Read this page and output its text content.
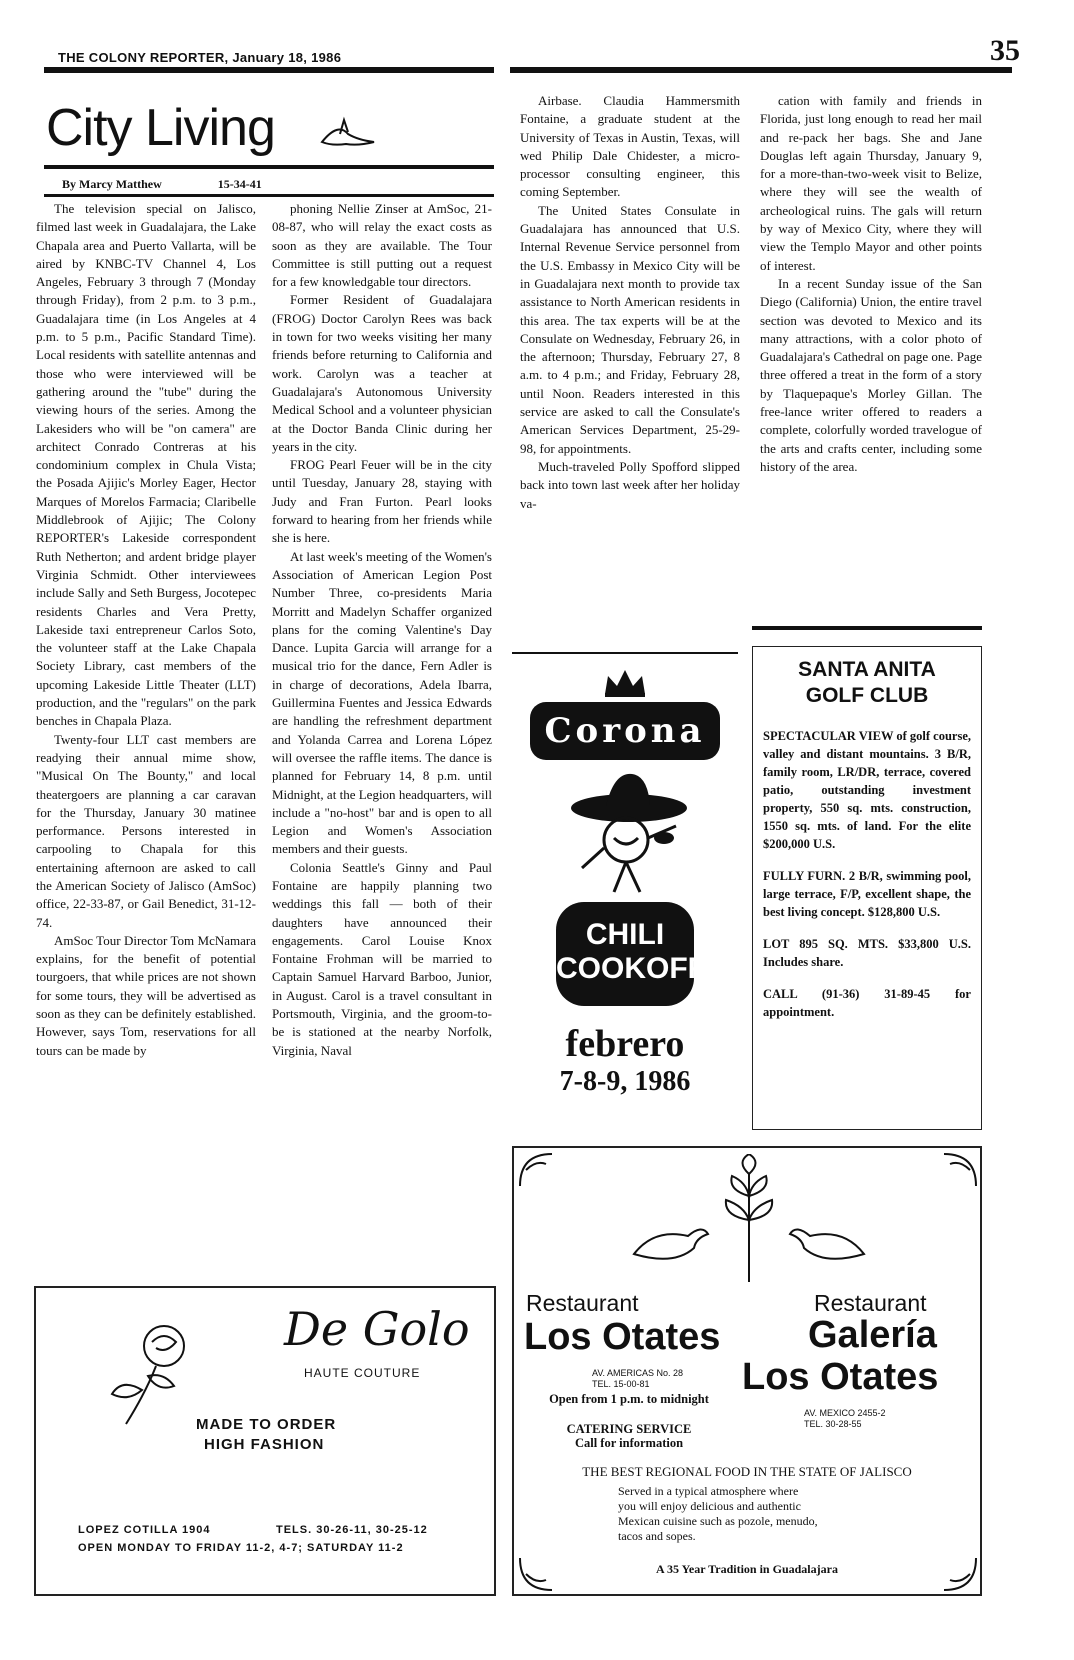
THE COLONY REPORTER, January 18, 1986	35
City Living
By Marcy Matthew	15-34-41

The television special on Jalisco, filmed last week in Guadalajara, the Lake Chapala area and Puerto Vallarta, will be aired by KNBC-TV Channel 4, Los Angeles, February 3 through 7 (Monday through Friday), from 2 p.m. to 3 p.m., Guadalajara time (in Los Angeles at 4 p.m. to 5 p.m., Pacific Standard Time). Local residents with satellite antennas and those who were interviewed will be gathering around the "tube" during the viewing hours of the series. Among the Lakesiders who will be "on camera" are architect Conrado Contreras at his condominium complex in Chula Vista; the Posada Ajijic's Morley Eager, Hector Marques of Morelos Farmacia; Claribelle Middlebrook of Ajijic; The Colony REPORTER's Lakeside correspondent Ruth Netherton; and ardent bridge player Virginia Schmidt. Other interviewees include Sally and Seth Burgess, Jocotepec residents Charles and Vera Pretty, Lakeside taxi entrepreneur Carlos Soto, the volunteer staff at the Lake Chapala Society Library, cast members of the upcoming Lakeside Little Theater (LLT) production, and the "regulars" on the park benches in Chapala Plaza.

Twenty-four LLT cast members are readying their annual mime show, "Musical On The Bounty," and local theatergoers are planning a car caravan for the Thursday, January 30 matinee performance. Persons interested in carpooling to Chapala for this entertaining afternoon are asked to call the American Society of Jalisco (AmSoc) office, 22-33-87, or Gail Benedict, 31-12-74.

AmSoc Tour Director Tom McNamara explains, for the benefit of potential tourgoers, that while prices are not shown for some tours, they will be advertised as soon as they can be definitely established. However, says Tom, reservations for all tours can be made by

phoning Nellie Zinser at AmSoc, 21-08-87, who will relay the exact costs as soon as they are available. The Tour Committee is still putting out a request for a few knowledgable tour directors.

Former Resident of Guadalajara (FROG) Doctor Carolyn Rees was back in town for two weeks visiting her many friends before returning to California and work. Carolyn was a teacher at Guadalajara's Autonomous University Medical School and a volunteer physician at the Doctor Banda Clinic during her years in the city.

FROG Pearl Feuer will be in the city until Tuesday, January 28, staying with Judy and Fran Furton. Pearl looks forward to hearing from her friends while she is here.

At last week's meeting of the Women's Association of American Legion Post Number Three, co-presidents Maria Morritt and Madelyn Schaffer organized plans for the coming Valentine's Day Dance. Lupita Garcia will arrange for a musical trio for the dance, Fern Adler is in charge of decorations, Adela Ibarra, Guillermina Fuentes and Jessica Edwards are handling the refreshment department and Yolanda Carrea and Lorena López will oversee the raffle items. The dance is planned for February 14, 8 p.m. until Midnight, at the Legion headquarters, will include a "no-host" bar and is open to all Legion and Women's Association members and their guests.

Colonia Seattle's Ginny and Paul Fontaine are happily planning two weddings this fall — both of their daughters have announced their engagements. Carol Louise Knox Fontaine Frohman will be married to Captain Samuel Harvard Barboo, Junior, in August. Carol is a travel consultant in Portsmouth, Virginia, and the groom-to-be is stationed at the nearby Norfolk, Virginia, Naval

Airbase. Claudia Hammersmith Fontaine, a graduate student at the University of Texas in Austin, Texas, will wed Philip Dale Chidester, a micro-processor consulting engineer, this coming September.

The United States Consulate in Guadalajara has announced that U.S. Internal Revenue Service personnel from the U.S. Embassy in Mexico City will be in Guadalajara next month to provide tax assistance to North American residents in this area. The tax experts will be at the Consulate on Wednesday, February 26, in the afternoon; Thursday, February 27, 8 a.m. to 4 p.m.; and Friday, February 28, until Noon. Readers interested in this service are asked to call the Consulate's American Services Department, 25-29-98, for appointments.

Much-traveled Polly Spofford slipped back into town last week after her holiday va-

cation with family and friends in Florida, just long enough to read her mail and re-pack her bags. She and Jane Douglas left again Thursday, January 9, for a more-than-two-week visit to Belize, where they will see the wealth of archeological ruins. The gals will return by way of Mexico City, where they will view the Templo Mayor and other points of interest.

In a recent Sunday issue of the San Diego (California) Union, the entire travel section was devoted to Mexico and its many attractions, with a color photo of Guadalajara's Cathedral on page one. Page three offered a treat in the form of a story by Tlaquepaque's Morley Gillan. The free-lance writer offered to readers a complete, colorfully worded travelogue of the arts and crafts center, including some history of the area.

Corona
CHILI
COOKOFF
febrero
7-8-9, 1986
SANTA ANITA
GOLF CLUB

SPECTACULAR VIEW of golf course, valley and distant mountains. 3 B/R, family room, LR/DR, terrace, covered patio, outstanding investment property, 550 sq. mts. construction, 1550 sq. mts. of land. For the elite $200,000 U.S.

FULLY FURN. 2 B/R, swimming pool, large terrace, F/P, excellent shape, the best living concept. $128,800 U.S.

LOT 895 SQ. MTS. $33,800 U.S. Includes share.

CALL (91-36) 31-89-45 for appointment.

De Golo
HAUTE COUTURE
MADE TO ORDER
HIGH FASHION
LOPEZ COTILLA 1904	TELS. 30-26-11, 30-25-12
OPEN MONDAY TO FRIDAY 11-2, 4-7; SATURDAY 11-2
Restaurant
Los Otates
AV. AMERICAS No. 28
TEL. 15-00-81
Open from 1 p.m. to midnight
CATERING SERVICE
Call for information
Restaurant
Galería
Los Otates
AV. MEXICO 2455-2
TEL. 30-28-55
THE BEST REGIONAL FOOD IN THE STATE OF JALISCO
Served in a typical atmosphere where
you will enjoy delicious and authentic
Mexican cuisine such as pozole, menudo,
tacos and sopes.
A 35 Year Tradition in Guadalajara
